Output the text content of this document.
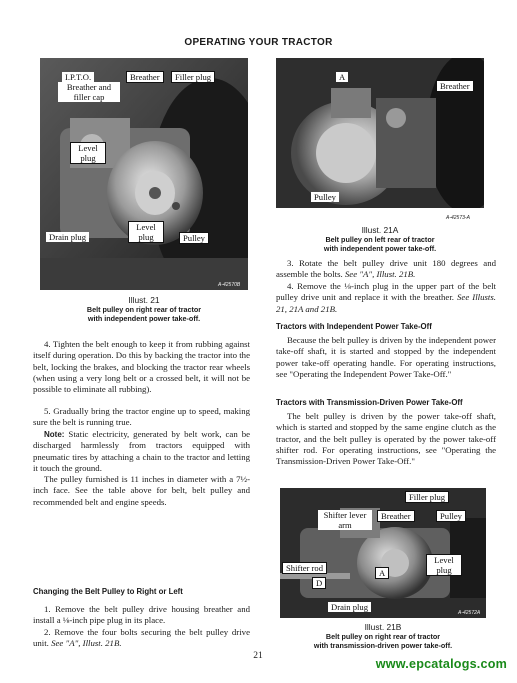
OPERATING YOUR TRACTOR
I.P.T.O.
Breather and filler cap
Breather	Filler plug
Level plug
Level plug
Drain plug	Pulley
A-42570B
Illust. 21
Belt pulley on right rear of tractor
with independent power take-off.
A
Breather
Pulley
A-42573-A
Illust. 21A
Belt pulley on left rear of tractor
with independent power take-off.
4. Tighten the belt enough to keep it from rubbing against itself during operation. Do this by backing the tractor into the belt, locking the brakes, and blocking the tractor rear wheels (when using a very long belt or a crossed belt, it will not be possible to eliminate all rubbing).
5. Gradually bring the tractor engine up to speed, making sure the belt is running true.
Note: Static electricity, generated by belt work, can be discharged harmlessly from tractors equipped with pneumatic tires by attaching a chain to the tractor and letting it touch the ground.
The pulley furnished is 11 inches in diameter with a 7½-inch face. See the table above for belt, belt pulley and recommended belt and engine speeds.
Changing the Belt Pulley to Right or Left
1. Remove the belt pulley drive housing breather and install a ⅛-inch pipe plug in its place.
2. Remove the four bolts securing the belt pulley drive unit. See "A", Illust. 21B.
3. Rotate the belt pulley drive unit 180 degrees and assemble the bolts. See "A", Illust. 21B.
4. Remove the ⅛-inch plug in the upper part of the belt pulley drive unit and replace it with the breather. See Illusts. 21, 21A and 21B.
Tractors with Independent Power Take-Off
Because the belt pulley is driven by the independent power take-off shaft, it is started and stopped by the independent power take-off operating handle. For operating instructions, see "Operating the Independent Power Take-Off."
Tractors with Transmission-Driven Power Take-Off
The belt pulley is driven by the power take-off shaft, which is started and stopped by the same engine clutch as the tractor, and the belt pulley is operated by the power take-off shifter rod. For operating instructions, see "Operating the Transmission-Driven Power Take-Off."
Filler plug
Shifter lever arm
Breather	Pulley
Shifter rod	A
D
Level plug
Drain plug
A-42572A
Illust. 21B
Belt pulley on right rear of tractor
with transmission-driven power take-off.
21
www.epcatalogs.com
